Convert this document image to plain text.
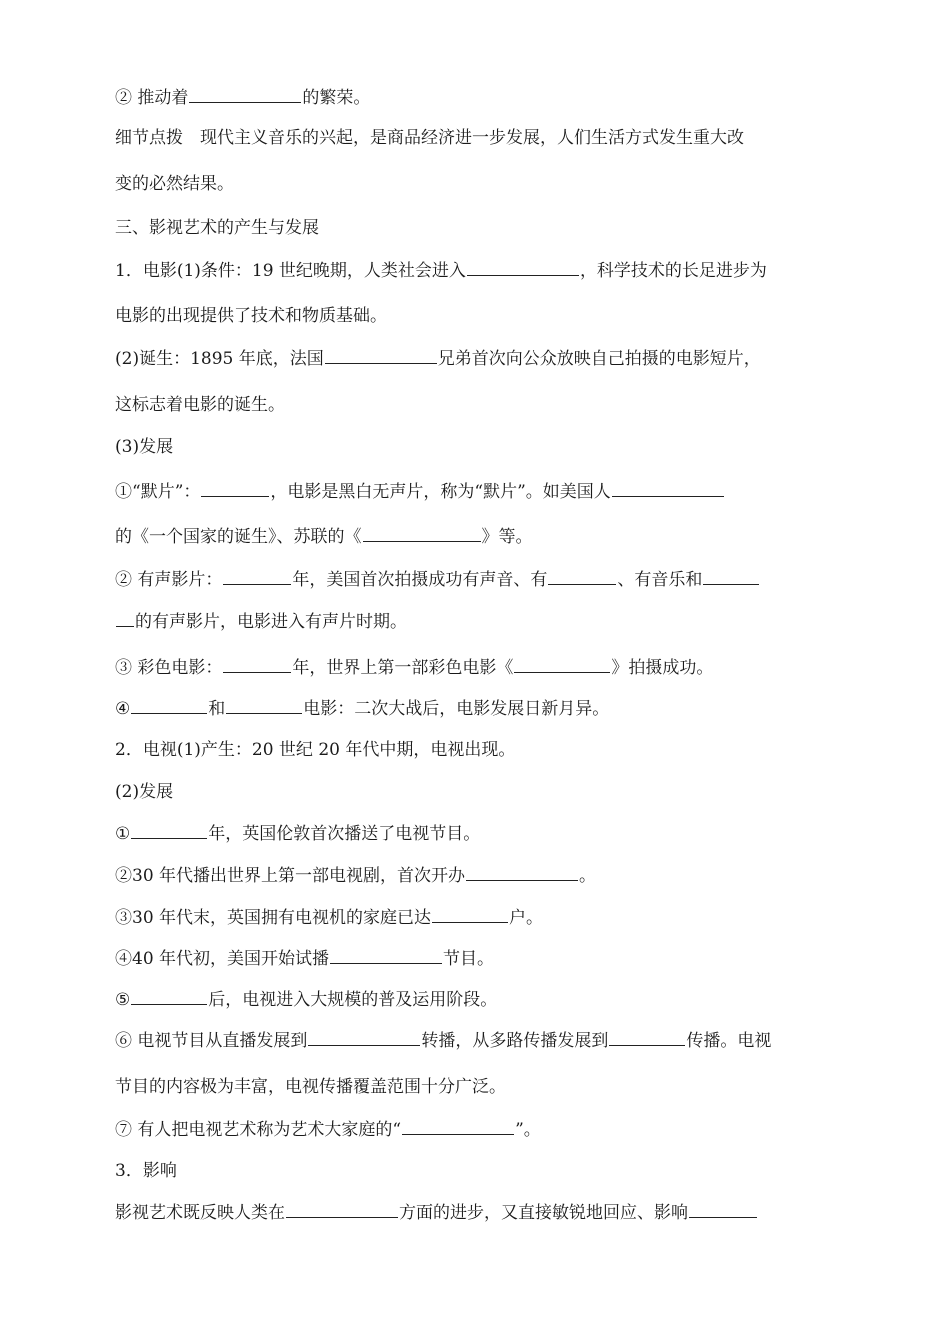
② 推动着	的繁荣。
细节点拨　现代主义音乐的兴起，是商品经济进一步发展，人们生活方式发生重大改
变的必然结果。
三、影视艺术的产生与发展
1．电影(1)条件：19 世纪晚期，人类社会进入	，科学技术的长足进步为
电影的出现提供了技术和物质基础。
(2)诞生：1895 年底，法国	兄弟首次向公众放映自己拍摄的电影短片，
这标志着电影的诞生。
(3)发展
①“默片”：	，电影是黑白无声片，称为“默片”。如美国人
的《一个国家的诞生》、苏联的《	》等。
② 有声影片：	年，美国首次拍摄成功有声音、有	、有音乐和
的有声影片，电影进入有声片时期。
③ 彩色电影：	年，世界上第一部彩色电影《	》拍摄成功。
④	和	电影：二次大战后，电影发展日新月异。
2．电视(1)产生：20 世纪 20 年代中期，电视出现。
(2)发展
①	年，英国伦敦首次播送了电视节目。
②30 年代播出世界上第一部电视剧，首次开办	。
③30 年代末，英国拥有电视机的家庭已达	户。
④40 年代初，美国开始试播	节目。
⑤	后，电视进入大规模的普及运用阶段。
⑥ 电视节目从直播发展到	转播，从多路传播发展到	传播。电视
节目的内容极为丰富，电视传播覆盖范围十分广泛。
⑦ 有人把电视艺术称为艺术大家庭的“	”。
3．影响
影视艺术既反映人类在	方面的进步，又直接敏锐地回应、影响
